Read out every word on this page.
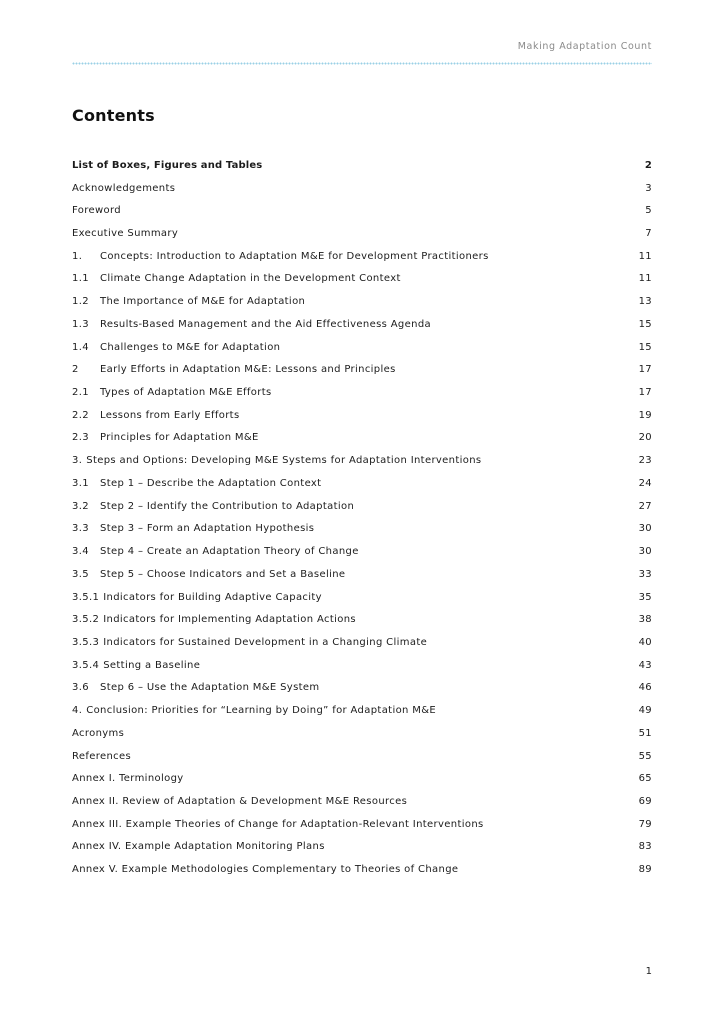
Making Adaptation Count
Contents
List of Boxes, Figures and Tables	2
Acknowledgements	3
Foreword	5
Executive Summary	7
1.	Concepts: Introduction to Adaptation M&E for Development Practitioners	11
1.1	Climate Change Adaptation in the Development Context	11
1.2	The Importance of M&E for Adaptation	13
1.3	Results-Based Management and the Aid Effectiveness Agenda	15
1.4	Challenges to M&E for Adaptation	15
2	Early Efforts in Adaptation M&E: Lessons and Principles	17
2.1	Types of Adaptation M&E Efforts	17
2.2	Lessons from Early Efforts	19
2.3	Principles for Adaptation M&E	20
3. Steps and Options: Developing M&E Systems for Adaptation Interventions	23
3.1	Step 1 – Describe the Adaptation Context	24
3.2	Step 2 – Identify the Contribution to Adaptation	27
3.3	Step 3 – Form an Adaptation Hypothesis	30
3.4	Step 4 – Create an Adaptation Theory of Change	30
3.5	Step 5 – Choose Indicators and Set a Baseline	33
3.5.1 Indicators for Building Adaptive Capacity	35
3.5.2 Indicators for Implementing Adaptation Actions	38
3.5.3 Indicators for Sustained Development in a Changing Climate	40
3.5.4 Setting a Baseline	43
3.6	Step 6 – Use the Adaptation M&E System	46
4. Conclusion: Priorities for “Learning by Doing” for Adaptation M&E	49
Acronyms	51
References	55
Annex I. Terminology	65
Annex II. Review of Adaptation & Development M&E Resources	69
Annex III. Example Theories of Change for Adaptation-Relevant Interventions	79
Annex IV. Example Adaptation Monitoring Plans	83
Annex V. Example Methodologies Complementary to Theories of Change	89
1
